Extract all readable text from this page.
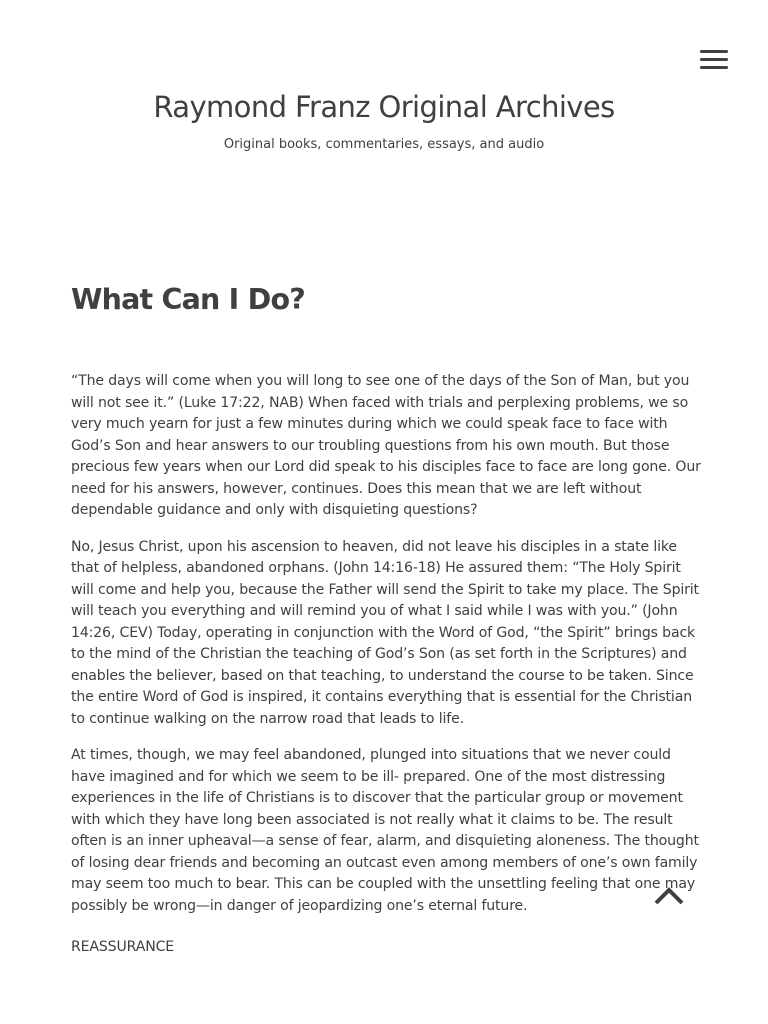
Raymond Franz Original Archives

Original books, commentaries, essays, and audio

What Can I Do?

“The days will come when you will long to see one of the days of the Son of Man, but you will not see it.” (Luke 17:22, NAB) When faced with trials and perplexing problems, we so very much yearn for just a few minutes during which we could speak face to face with God’s Son and hear answers to our troubling questions from his own mouth. But those precious few years when our Lord did speak to his disciples face to face are long gone. Our need for his answers, however, continues. Does this mean that we are left without dependable guidance and only with disquieting questions?

No, Jesus Christ, upon his ascension to heaven, did not leave his disciples in a state like that of helpless, abandoned orphans. (John 14:16-18) He assured them: “The Holy Spirit will come and help you, because the Father will send the Spirit to take my place. The Spirit will teach you everything and will remind you of what I said while I was with you.” (John 14:26, CEV) Today, operating in conjunction with the Word of God, “the Spirit” brings back to the mind of the Christian the teaching of God’s Son (as set forth in the Scriptures) and enables the believer, based on that teaching, to understand the course to be taken. Since the entire Word of God is inspired, it contains everything that is essential for the Christian to continue walking on the narrow road that leads to life.

At times, though, we may feel abandoned, plunged into situations that we never could have imagined and for which we seem to be ill- prepared. One of the most distressing experiences in the life of Christians is to discover that the particular group or movement with which they have long been associated is not really what it claims to be. The result often is an inner upheaval—a sense of fear, alarm, and disquieting aloneness. The thought of losing dear friends and becoming an outcast even among members of one’s own family may seem too much to bear. This can be coupled with the unsettling feeling that one may possibly be wrong—in danger of jeopardizing one’s eternal future.

REASSURANCE
